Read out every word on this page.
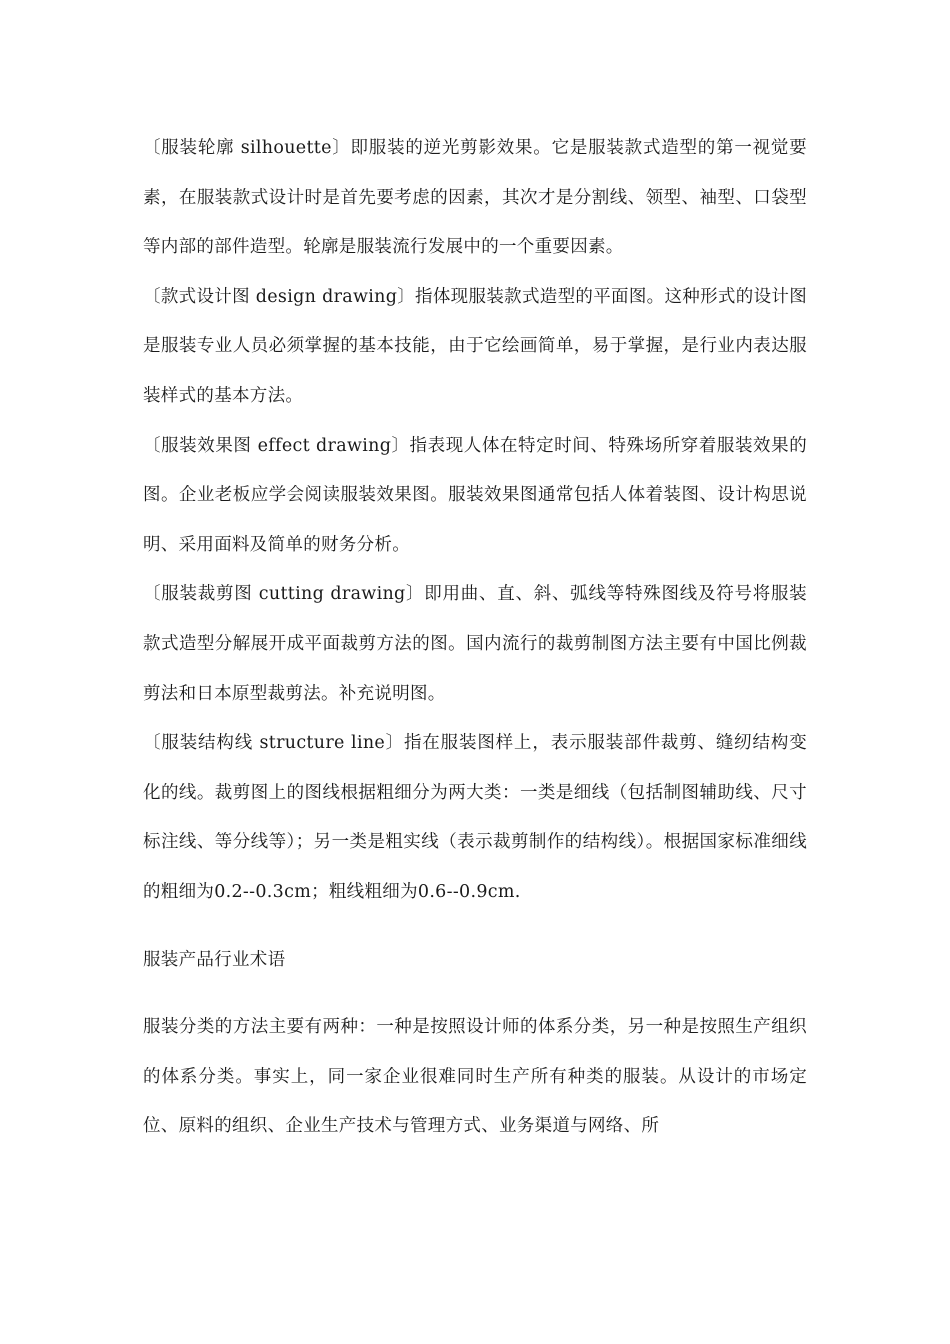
〔服装轮廓 silhouette〕即服装的逆光剪影效果。它是服装款式造型的第一视觉要素，在服装款式设计时是首先要考虑的因素，其次才是分割线、领型、袖型、口袋型等内部的部件造型。轮廓是服装流行发展中的一个重要因素。

〔款式设计图 design drawing〕指体现服装款式造型的平面图。这种形式的设计图是服装专业人员必须掌握的基本技能，由于它绘画简单，易于掌握，是行业内表达服装样式的基本方法。

〔服装效果图 effect drawing〕指表现人体在特定时间、特殊场所穿着服装效果的图。企业老板应学会阅读服装效果图。服装效果图通常包括人体着装图、设计构思说明、采用面料及简单的财务分析。

〔服装裁剪图 cutting drawing〕即用曲、直、斜、弧线等特殊图线及符号将服装款式造型分解展开成平面裁剪方法的图。国内流行的裁剪制图方法主要有中国比例裁剪法和日本原型裁剪法。补充说明图。

〔服装结构线 structure line〕指在服装图样上，表示服装部件裁剪、缝纫结构变化的线。裁剪图上的图线根据粗细分为两大类：一类是细线（包括制图辅助线、尺寸标注线、等分线等）；另一类是粗实线（表示裁剪制作的结构线）。根据国家标准细线的粗细为0.2--0.3cm；粗线粗细为0.6--0.9cm.

服装产品行业术语

服装分类的方法主要有两种：一种是按照设计师的体系分类，另一种是按照生产组织的体系分类。事实上，同一家企业很难同时生产所有种类的服装。从设计的市场定位、原料的组织、企业生产技术与管理方式、业务渠道与网络、所
